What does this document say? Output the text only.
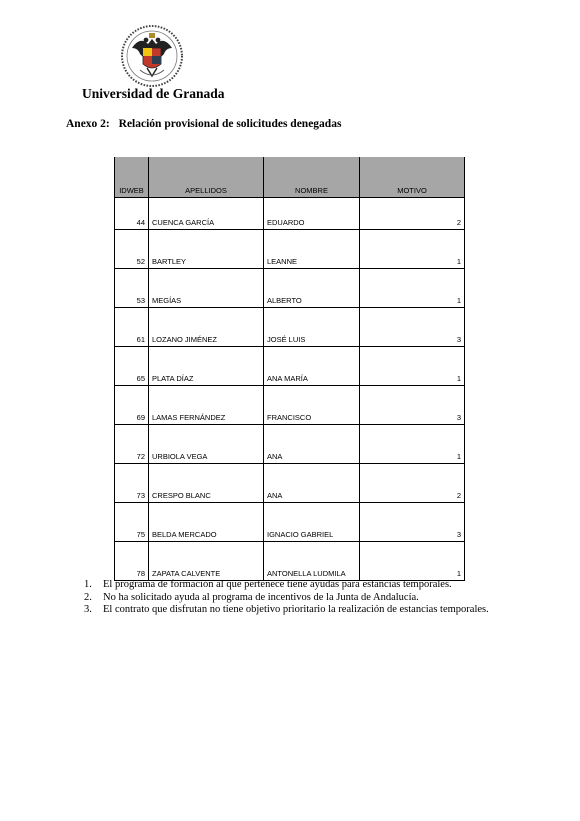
Universidad de Granada
Anexo 2: Relación provisional de solicitudes denegadas
IDWEB	APELLIDOS	NOMBRE	MOTIVO
44	CUENCA GARCÍA	EDUARDO	2
52	BARTLEY	LEANNE	1
53	MEGÍAS	ALBERTO	1
61	LOZANO JIMÉNEZ	JOSÉ LUIS	3
65	PLATA DÍAZ	ANA MARÍA	1
69	LAMAS FERNÁNDEZ	FRANCISCO	3
72	URBIOLA VEGA	ANA	1
73	CRESPO BLANC	ANA	2
75	BELDA MERCADO	IGNACIO GABRIEL	3
78	ZAPATA CALVENTE	ANTONELLA LUDMILA	1
1.	El programa de formación al que pertenece tiene ayudas para estancias temporales.
2.	No ha solicitado ayuda al programa de incentivos de la Junta de Andalucía.
3.	El contrato que disfrutan no tiene objetivo prioritario la realización de estancias temporales.
